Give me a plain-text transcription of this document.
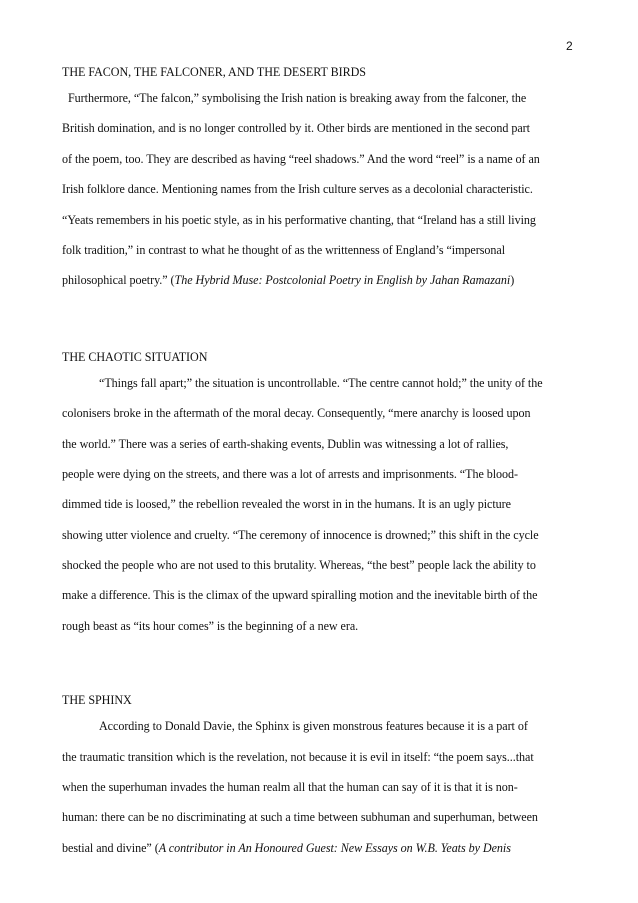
2
THE FACON, THE FALCONER, AND THE DESERT BIRDS
Furthermore, “The falcon,” symbolising the Irish nation is breaking away from the falconer, the
British domination, and is no longer controlled by it. Other birds are mentioned in the second part
of the poem, too. They are described as having “reel shadows.” And the word “reel” is a name of an
Irish folklore dance. Mentioning names from the Irish culture serves as a decolonial characteristic.
“Yeats remembers in his poetic style, as in his performative chanting, that “Ireland has a still living
folk tradition,” in contrast to what he thought of as the writtenness of England’s “impersonal
philosophical poetry.” (The Hybrid Muse: Postcolonial Poetry in English by Jahan Ramazani)
THE CHAOTIC SITUATION
“Things fall apart;” the situation is uncontrollable. “The centre cannot hold;” the unity of the
colonisers broke in the aftermath of the moral decay. Consequently, “mere anarchy is loosed upon
the world.” There was a series of earth-shaking events, Dublin was witnessing a lot of rallies,
people were dying on the streets, and there was a lot of arrests and imprisonments. “The blood-
dimmed tide is loosed,” the rebellion revealed the worst in in the humans. It is an ugly picture
showing utter violence and cruelty. “The ceremony of innocence is drowned;” this shift in the cycle
shocked the people who are not used to this brutality. Whereas, “the best” people lack the ability to
make a difference. This is the climax of the upward spiralling motion and the inevitable birth of the
rough beast as “its hour comes” is the beginning of a new era.
THE SPHINX
According to Donald Davie, the Sphinx is given monstrous features because it is a part of
the traumatic transition which is the revelation, not because it is evil in itself: “the poem says...that
when the superhuman invades the human realm all that the human can say of it is that it is non-
human: there can be no discriminating at such a time between subhuman and superhuman, between
bestial and divine” (A contributor in An Honoured Guest: New Essays on W.B. Yeats by Denis
